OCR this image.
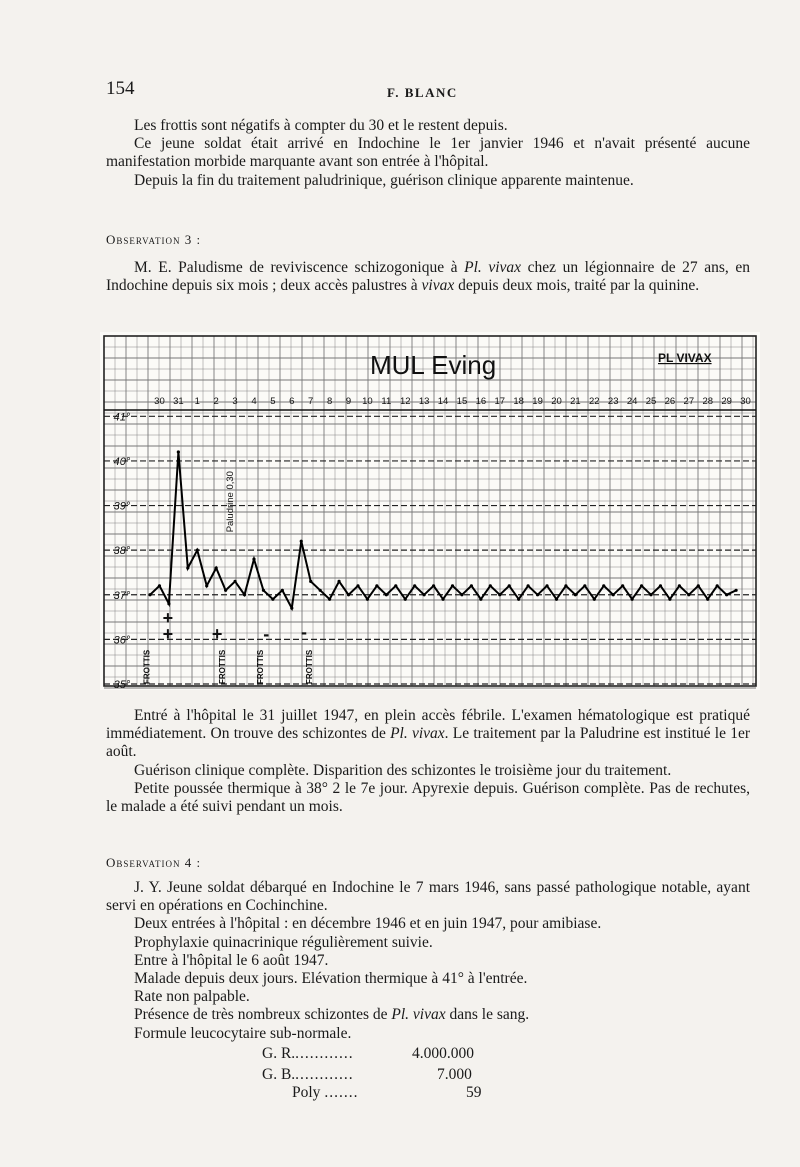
154	F. BLANC

Les frottis sont négatifs à compter du 30 et le restent depuis.

Ce jeune soldat était arrivé en Indochine le 1er janvier 1946 et n'avait présenté aucune manifestation morbide marquante avant son entrée à l'hôpital.

Depuis la fin du traitement paludrinique, guérison clinique apparente maintenue.

Observation 3 :

M. E. Paludisme de reviviscence schizogonique à Pl. vivax chez un légionnaire de 27 ans, en Indochine depuis six mois ; deux accès palustres à vivax depuis deux mois, traité par la quinine.

MUL Eving	PL VIVAX
Paludrine 0,30
FROTTIS	FROTTIS	FROTTIS	FROTTIS
+
+ + - -
30 31 1 2 3 4 5 6 7 8 9 10 11 12 13 14 15 16 17 18 19 20 21 22 23 24 25 26 27 28 29 30
41°
40°
39°
38°
37°
36°
35°

Entré à l'hôpital le 31 juillet 1947, en plein accès fébrile. L'examen hématologique est pratiqué immédiatement. On trouve des schizontes de Pl. vivax. Le traitement par la Paludrine est institué le 1er août.

Guérison clinique complète. Disparition des schizontes le troisième jour du traitement.

Petite poussée thermique à 38° 2 le 7e jour. Apyrexie depuis. Guérison complète. Pas de rechutes, le malade a été suivi pendant un mois.

Observation 4 :

J. Y. Jeune soldat débarqué en Indochine le 7 mars 1946, sans passé pathologique notable, ayant servi en opérations en Cochinchine.

Deux entrées à l'hôpital : en décembre 1946 et en juin 1947, pour amibiase.

Prophylaxie quinacrinique régulièrement suivie.

Entre à l'hôpital le 6 août 1947.

Malade depuis deux jours. Elévation thermique à 41° à l'entrée.

Rate non palpable.

Présence de très nombreux schizontes de Pl. vivax dans le sang.

Formule leucocytaire sub-normale.

G. R.............	4.000.000
G. B.............	7.000
Poly .......	59
